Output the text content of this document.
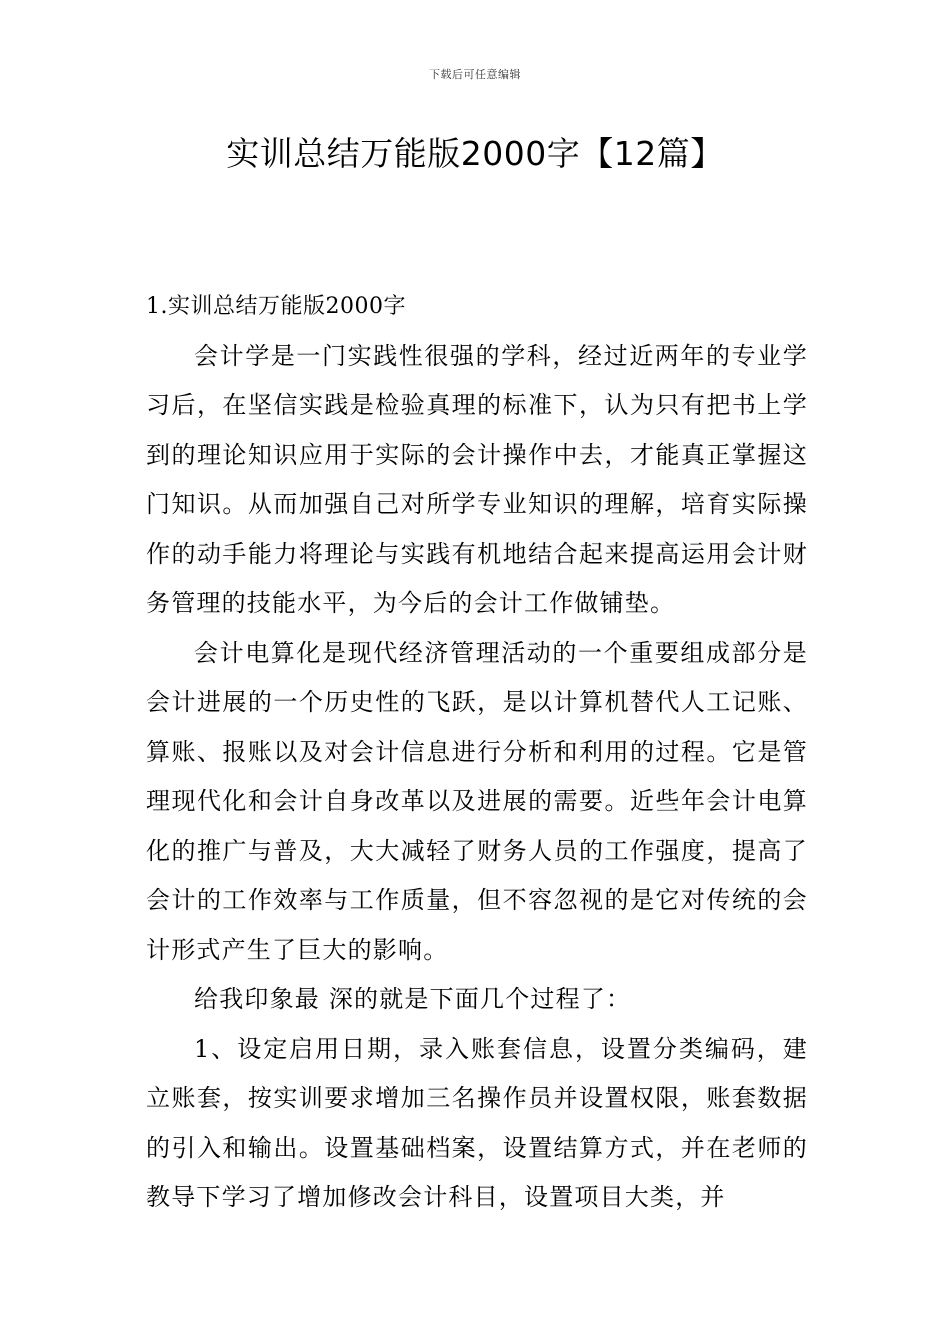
下载后可任意编辑
实训总结万能版2000字【12篇】
1.实训总结万能版2000字

会计学是一门实践性很强的学科，经过近两年的专业学习后，在坚信实践是检验真理的标准下，认为只有把书上学到的理论知识应用于实际的会计操作中去，才能真正掌握这门知识。从而加强自己对所学专业知识的理解，培育实际操作的动手能力将理论与实践有机地结合起来提高运用会计财务管理的技能水平，为今后的会计工作做铺垫。

会计电算化是现代经济管理活动的一个重要组成部分是会计进展的一个历史性的飞跃，是以计算机替代人工记账、算账、报账以及对会计信息进行分析和利用的过程。它是管理现代化和会计自身改革以及进展的需要。近些年会计电算化的推广与普及，大大减轻了财务人员的工作强度，提高了会计的工作效率与工作质量，但不容忽视的是它对传统的会计形式产生了巨大的影响。

给我印象最 深的就是下面几个过程了：

1、设定启用日期，录入账套信息，设置分类编码，建立账套，按实训要求增加三名操作员并设置权限，账套数据的引入和输出。设置基础档案，设置结算方式，并在老师的教导下学习了增加修改会计科目，设置项目大类，并
